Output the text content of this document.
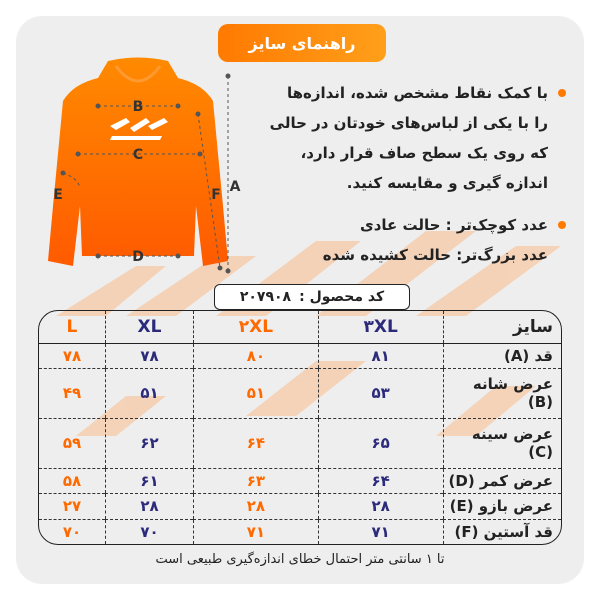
راهنمای سایز
B
C
A
F
E
D
با کمک نقاط مشخص شده، اندازه‌ها
را با یکی از لباس‌های خودتان در حالی
که روی یک سطح صاف قرار دارد،
اندازه گیری و مقایسه کنید.
عدد کوچک‌تر : حالت عادی
عدد بزرگ‌تر: حالت کشیده شده
کد محصول :
۲۰۷۹۰۸
سایز	۳XL	۲XL	XL	L
قد (A)	۸۱	۸۰	۷۸	۷۸
عرض شانه (B)	۵۳	۵۱	۵۱	۴۹
عرض سینه (C)	۶۵	۶۴	۶۲	۵۹
عرض کمر (D)	۶۴	۶۳	۶۱	۵۸
عرض بازو (E)	۲۸	۲۸	۲۸	۲۷
قد آستین (F)	۷۱	۷۱	۷۰	۷۰
تا ۱ سانتی متر احتمال خطای اندازه‌گیری طبیعی است
